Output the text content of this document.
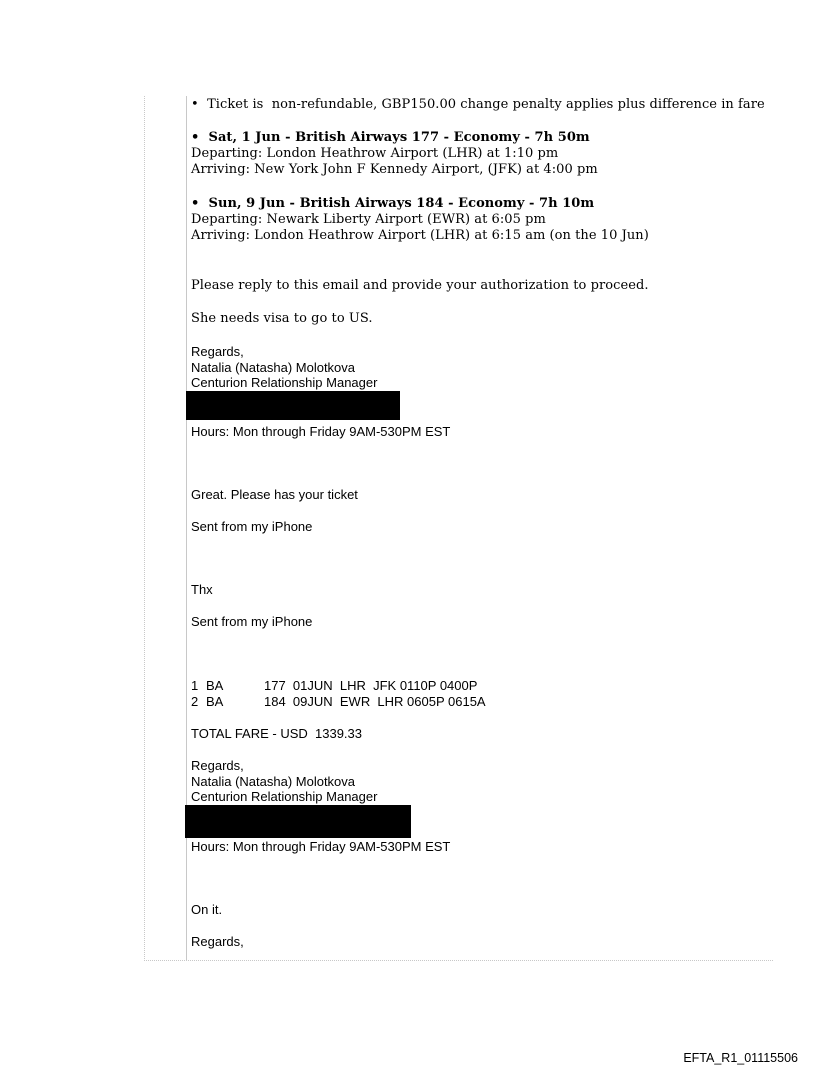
•  Ticket is  non-refundable, GBP150.00 change penalty applies plus difference in fare

•  Sat, 1 Jun - British Airways 177 - Economy - 7h 50m
Departing: London Heathrow Airport (LHR) at 1:10 pm
Arriving: New York John F Kennedy Airport, (JFK) at 4:00 pm

•  Sun, 9 Jun - British Airways 184 - Economy - 7h 10m
Departing: Newark Liberty Airport (EWR) at 6:05 pm
Arriving: London Heathrow Airport (LHR) at 6:15 am (on the 10 Jun)

Please reply to this email and provide your authorization to proceed.

She needs visa to go to US.

Regards,
Natalia (Natasha) Molotkova
Centurion Relationship Manager

Hours: Mon through Friday 9AM-530PM EST

Great. Please has your ticket

Sent from my iPhone

Thx

Sent from my iPhone

1

BA

	177  01JUN  LHR  JFK 0110P 0400P

2

BA

	184  09JUN  EWR  LHR 0605P 0615A

TOTAL FARE - USD  1339.33

Regards,
Natalia (Natasha) Molotkova
Centurion Relationship Manager

Hours: Mon through Friday 9AM-530PM EST

On it.

Regards,

EFTA_R1_01115506
